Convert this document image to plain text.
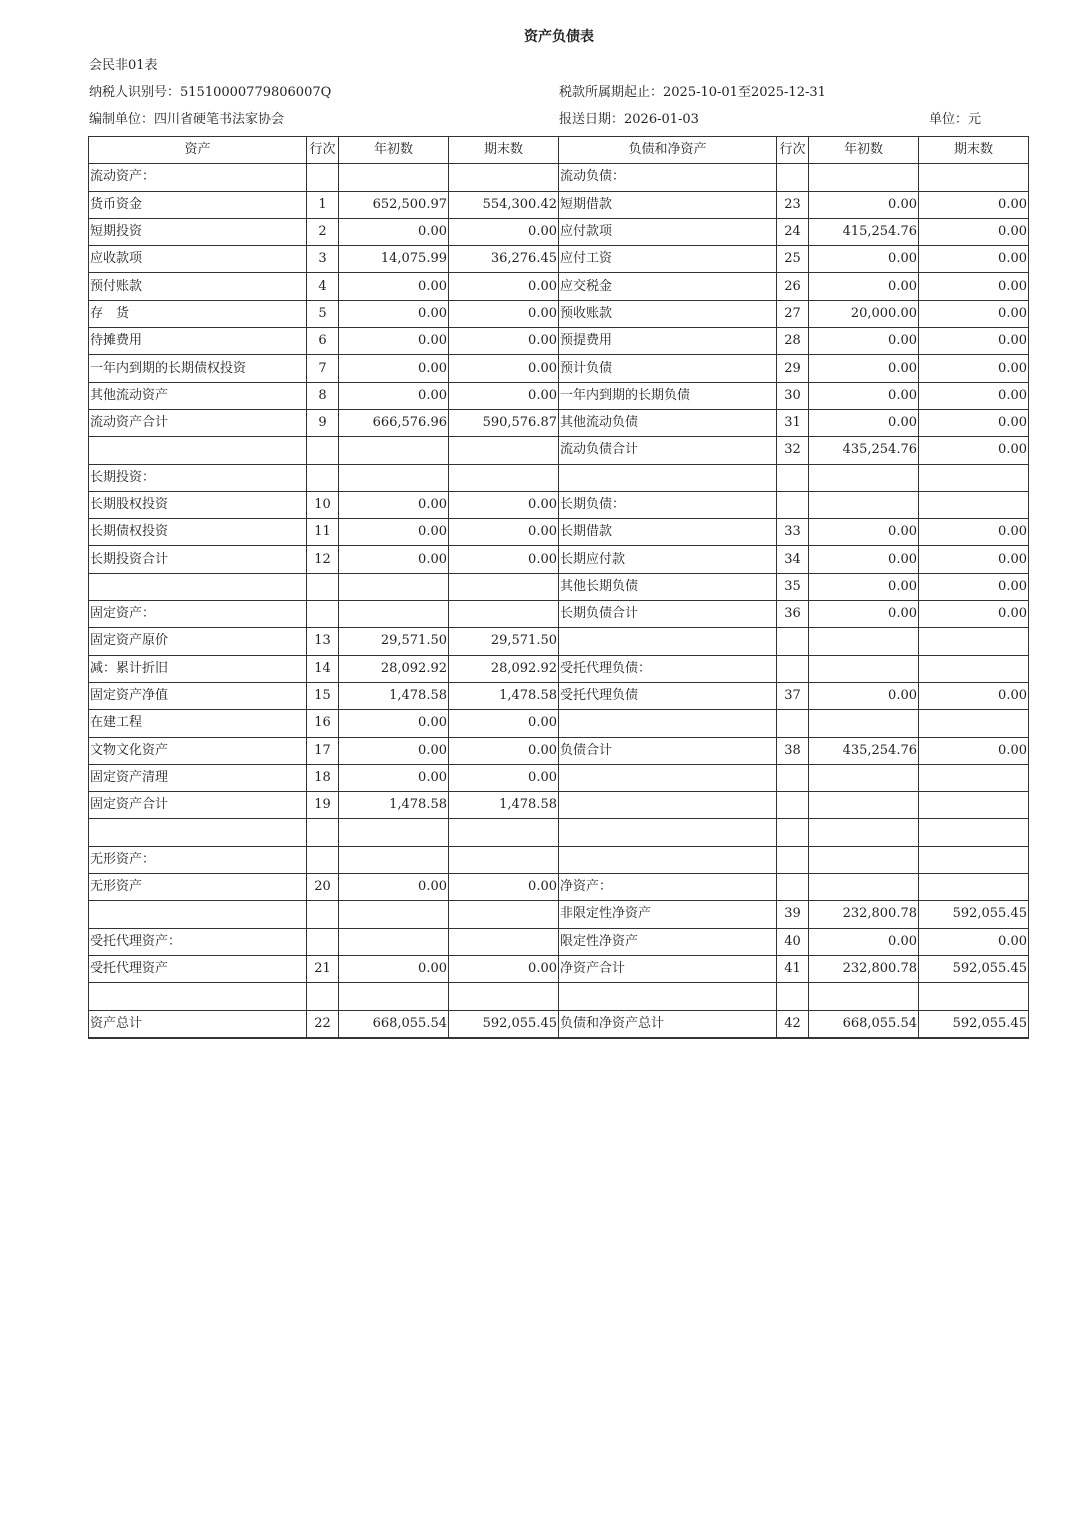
资产负债表
会民非01表
纳税人识别号：51510000779806007Q	税款所属期起止：2025-10-01至2025-12-31
编制单位：四川省硬笔书法家协会	报送日期：2026-01-03	单位：元
资产	行次	年初数	期末数	负债和净资产	行次	年初数	期末数
流动资产：				流动负债：			
货币资金	1	652,500.97	554,300.42	短期借款	23	0.00	0.00
短期投资	2	0.00	0.00	应付款项	24	415,254.76	0.00
应收款项	3	14,075.99	36,276.45	应付工资	25	0.00	0.00
预付账款	4	0.00	0.00	应交税金	26	0.00	0.00
存　货	5	0.00	0.00	预收账款	27	20,000.00	0.00
待摊费用	6	0.00	0.00	预提费用	28	0.00	0.00
一年内到期的长期债权投资	7	0.00	0.00	预计负债	29	0.00	0.00
其他流动资产	8	0.00	0.00	一年内到期的长期负债	30	0.00	0.00
流动资产合计	9	666,576.96	590,576.87	其他流动负债	31	0.00	0.00
				流动负债合计	32	435,254.76	0.00
长期投资：							
长期股权投资	10	0.00	0.00	长期负债：			
长期债权投资	11	0.00	0.00	长期借款	33	0.00	0.00
长期投资合计	12	0.00	0.00	长期应付款	34	0.00	0.00
				其他长期负债	35	0.00	0.00
固定资产：				长期负债合计	36	0.00	0.00
固定资产原价	13	29,571.50	29,571.50				
减：累计折旧	14	28,092.92	28,092.92	受托代理负债：			
固定资产净值	15	1,478.58	1,478.58	受托代理负债	37	0.00	0.00
在建工程	16	0.00	0.00				
文物文化资产	17	0.00	0.00	负债合计	38	435,254.76	0.00
固定资产清理	18	0.00	0.00				
固定资产合计	19	1,478.58	1,478.58				

无形资产：							
无形资产	20	0.00	0.00	净资产：			
				非限定性净资产	39	232,800.78	592,055.45
受托代理资产：				限定性净资产	40	0.00	0.00
受托代理资产	21	0.00	0.00	净资产合计	41	232,800.78	592,055.45

资产总计	22	668,055.54	592,055.45	负债和净资产总计	42	668,055.54	592,055.45
